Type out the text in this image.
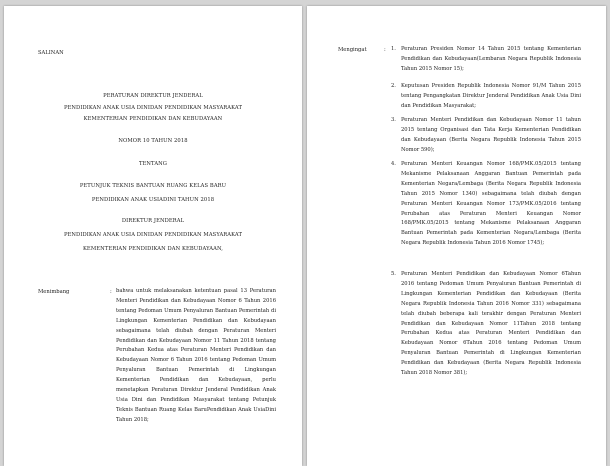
SALINAN
PERATURAN DIREKTUR JENDERAL
PENDIDIKAN ANAK USIA DINIDAN PENDIDIKAN MASYARAKAT
KEMENTERIAN PENDIDIKAN DAN KEBUDAYAAN
NOMOR 10 TAHUN 2018
TENTANG
PETUNJUK TEKNIS BANTUAN RUANG KELAS BARU
PENDIDIKAN ANAK USIADINI TAHUN 2018
DIREKTUR JENDERAL
PENDIDIKAN ANAK USIA DINIDAN PENDIDIKAN MASYARAKAT
KEMENTERIAN PENDIDIKAN DAN KEBUDAYAAN,
Menimbang	: bahwa untuk melaksanakan ketentuan pasal 13 Peraturan Menteri Pendidikan dan Kebudayaan Nomor 6 Tahun 2016 tentang Pedoman Umum Penyaluran Bantuan Pemerintah di Lingkungan Kementerian Pendidikan dan Kebudayaan sebagaimana telah diubah dengan Peraturan Menteri Pendidikan dan Kebudayaan Nomor 11 Tahun 2018 tentang Perubahan Kedua atas Peraturan Menteri Pendidikan dan Kebudayaan Nomor 6 Tahun 2016 tentang Pedoman Umum Penyaluran Bantuan Pemerintah di Lingkungan Kementerian Pendidikan dan Kebudayaan, perlu menetapkan Peraturan Direktur Jenderal Pendidikan Anak Usia Dini dan Pendidikan Masyarakat tentang Petunjuk Teknis Bantuan Ruang Kelas BaruPendidikan Anak UsiaDini Tahun 2018;
Mengingat	: 1. Peraturan Presiden Nomor 14 Tahun 2015 tentang Kementerian Pendidikan dan Kebudayaan(Lembaran Negara Republik Indonesia Tahun 2015 Nomor 15);
2. Keputusan Presiden Republik Indonesia Nomor 91/M Tahun 2015 tentang Pengangkatan Direktur Jenderal Pendidikan Anak Usia Dini dan Pendidikan Masyarakat;
3. Peraturan Menteri Pendidikan dan Kebudayaan Nomor 11 tahun 2015 tentang Organisasi dan Tata Kerja Kementerian Pendidikan dan Kebudayaan (Berita Negara Republik Indonesia Tahun 2015 Nomor 590);
4. Peraturan Menteri Keuangan Nomor 168/PMK.05/2015 tentang Mekanisme Pelaksanaan Anggaran Bantuan Pemerintah pada Kementerian Negara/Lembaga (Berita Negara Republik Indonesia Tahun 2015 Nomor 1340) sebagaimana telah diubah dengan Peraturan Menteri Keuangan Nomor 173/PMK.05/2016 tentang Perubahan atas Peraturan Menteri Keuangan Nomor 168/PMK.05/2015 tentang Mekanisme Pelaksanaan Anggaran Bantuan Pemerintah pada Kementerian Negara/Lembaga (Berita Negara Republik Indonesia Tahun 2016 Nomor 1745);
5. Peraturan Menteri Pendidikan dan Kebudayaan Nomor 6Tahun 2016 tentang Pedoman Umum Penyaluran Bantuan Pemerintah di Lingkungan Kementerian Pendidikan dan Kebudayaan (Berita Negara Republik Indonesia Tahun 2016 Nomor 331) sebagaimana telah diubah beberapa kali terakhir dengan Peraturan Menteri Pendidikan dan Kebudayaan Nomor 11Tahun 2018 tentang Perubahan Kedua atas Peraturan Menteri Pendidikan dan Kebudayaan Nomor 6Tahun 2016 tentang Pedoman Umum Penyaluran Bantuan Pemerintah di Lingkungan Kementerian Pendidikan dan Kebudayaan (Berita Negara Republik Indonesia Tahun 2018 Nomor 381);
